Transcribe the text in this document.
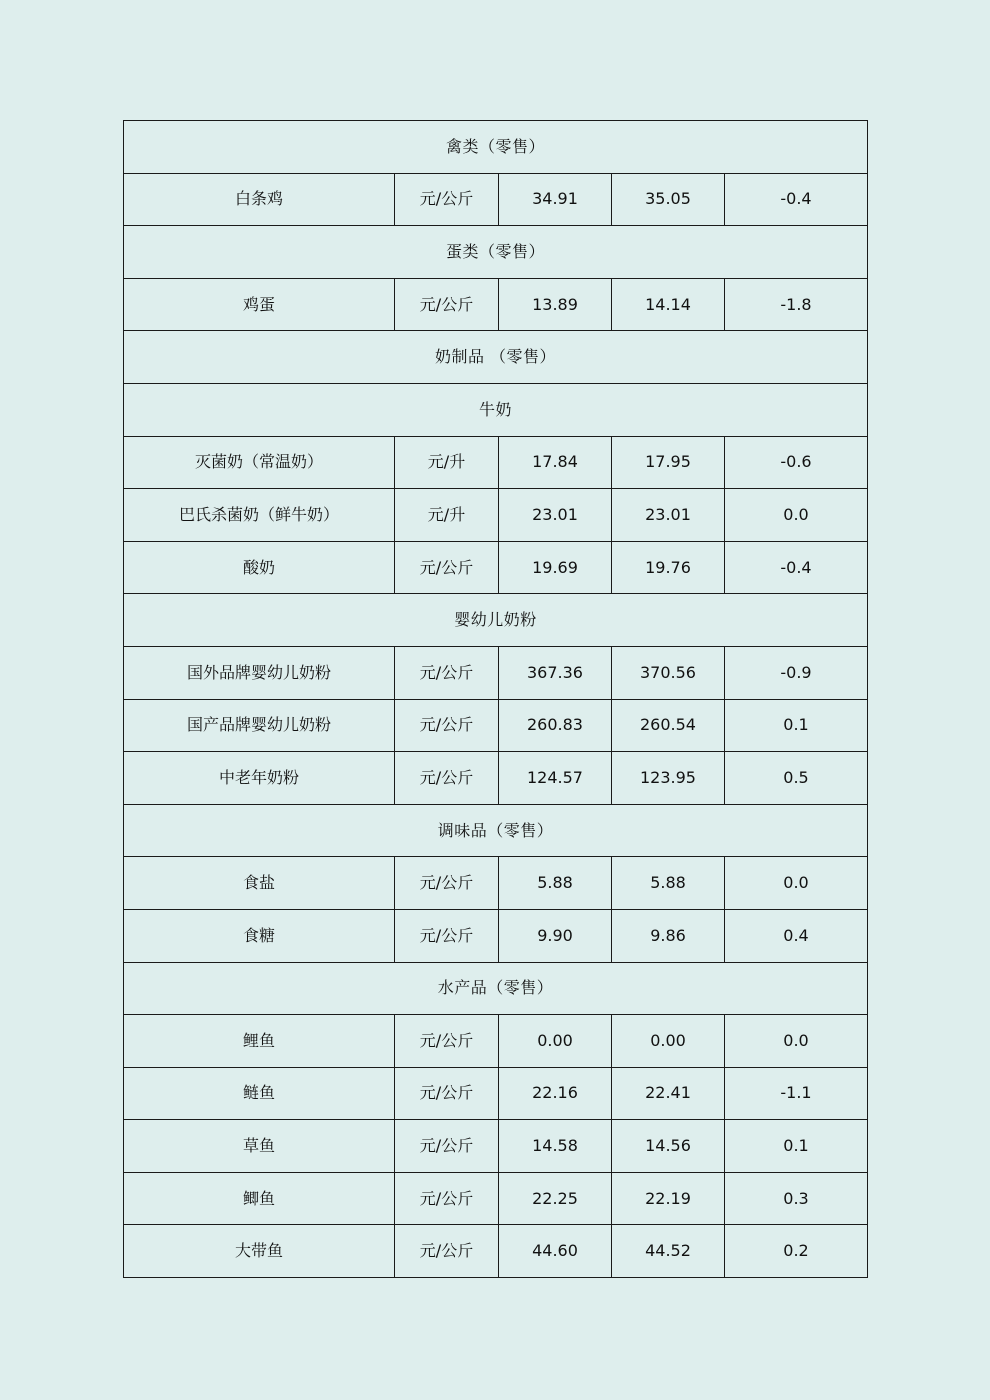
禽类（零售）				
白条鸡	元/公斤	34.91	35.05	-0.4
蛋类（零售）				
鸡蛋	元/公斤	13.89	14.14	-1.8
奶制品 （零售）				
牛奶				
灭菌奶（常温奶）	元/升	17.84	17.95	-0.6
巴氏杀菌奶（鲜牛奶）	元/升	23.01	23.01	0.0
酸奶	元/公斤	19.69	19.76	-0.4
婴幼儿奶粉				
国外品牌婴幼儿奶粉	元/公斤	367.36	370.56	-0.9
国产品牌婴幼儿奶粉	元/公斤	260.83	260.54	0.1
中老年奶粉	元/公斤	124.57	123.95	0.5
调味品（零售）				
食盐	元/公斤	5.88	5.88	0.0
食糖	元/公斤	9.90	9.86	0.4
水产品（零售）				
鲤鱼	元/公斤	0.00	0.00	0.0
鲢鱼	元/公斤	22.16	22.41	-1.1
草鱼	元/公斤	14.58	14.56	0.1
鲫鱼	元/公斤	22.25	22.19	0.3
大带鱼	元/公斤	44.60	44.52	0.2
